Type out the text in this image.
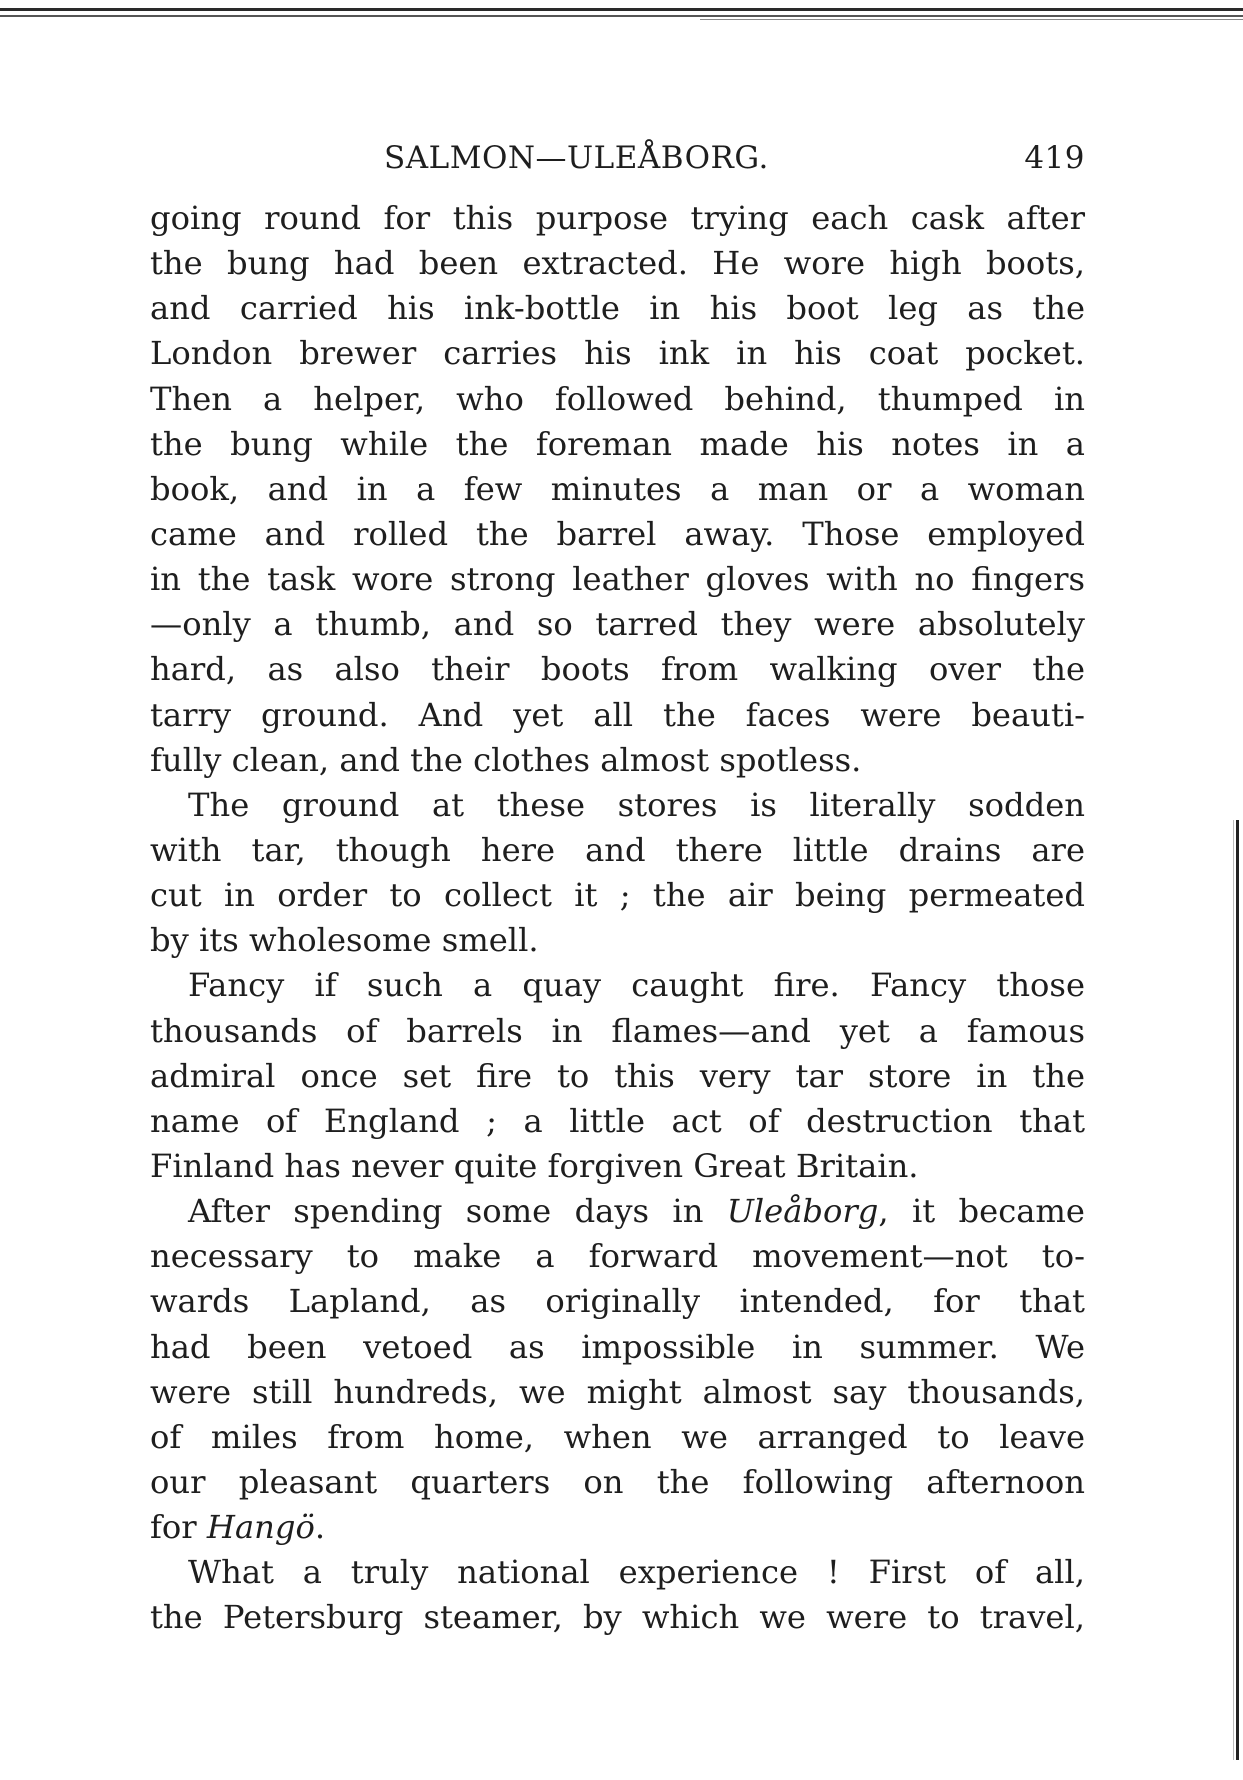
SALMON—ULEÅBORG.	419
going round for this purpose trying each cask after
the bung had been extracted. He wore high boots,
and carried his ink-bottle in his boot leg as the
London brewer carries his ink in his coat pocket.
Then a helper, who followed behind, thumped in
the bung while the foreman made his notes in a
book, and in a few minutes a man or a woman
came and rolled the barrel away. Those employed
in the task wore strong leather gloves with no fingers
—only a thumb, and so tarred they were absolutely
hard, as also their boots from walking over the
tarry ground. And yet all the faces were beauti-
fully clean, and the clothes almost spotless.
The ground at these stores is literally sodden
with tar, though here and there little drains are
cut in order to collect it ; the air being permeated
by its wholesome smell.
Fancy if such a quay caught fire. Fancy those
thousands of barrels in flames—and yet a famous
admiral once set fire to this very tar store in the
name of England ; a little act of destruction that
Finland has never quite forgiven Great Britain.
After spending some days in Uleåborg, it became
necessary to make a forward movement—not to-
wards Lapland, as originally intended, for that
had been vetoed as impossible in summer. We
were still hundreds, we might almost say thousands,
of miles from home, when we arranged to leave
our pleasant quarters on the following afternoon
for Hangö.
What a truly national experience ! First of all,
the Petersburg steamer, by which we were to travel,
